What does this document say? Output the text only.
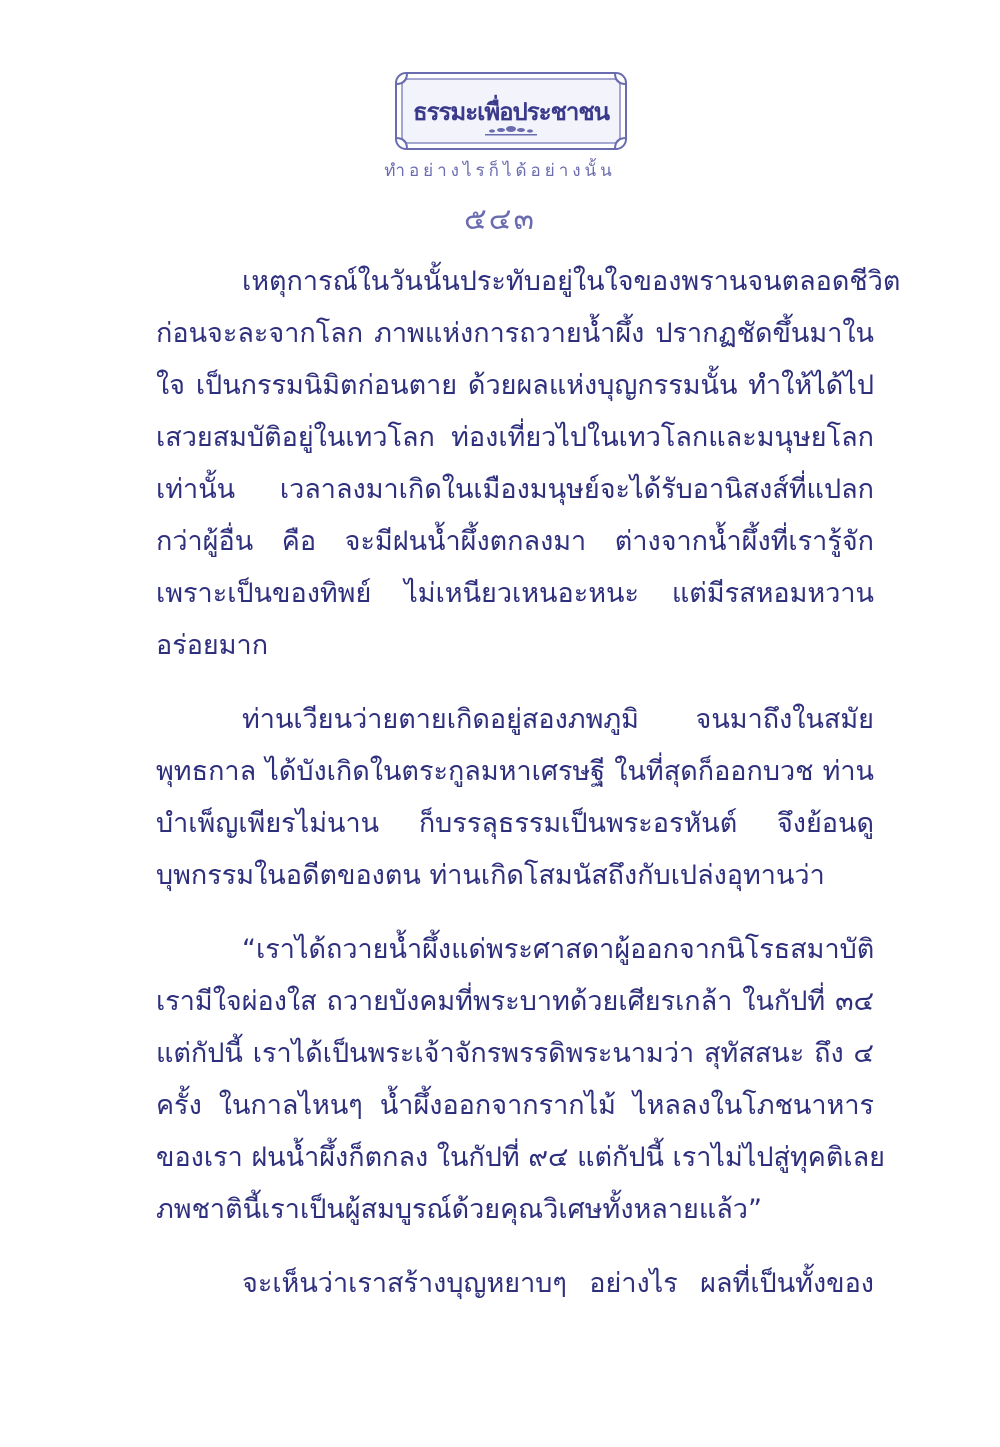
ธรรมะเพื่อประชาชน
ทำอย่างไรก็ได้อย่างนั้น
๕๔๓
เหตุการณ์ในวันนั้นประทับอยู่ในใจของพรานจนตลอดชีวิต
ก่อนจะละจากโลก ภาพแห่งการถวายน้ำผึ้ง ปรากฏชัดขึ้นมาใน
ใจ เป็นกรรมนิมิตก่อนตาย ด้วยผลแห่งบุญกรรมนั้น ทำให้ได้ไป
เสวยสมบัติอยู่ในเทวโลก ท่องเที่ยวไปในเทวโลกและมนุษยโลก
เท่านั้น เวลาลงมาเกิดในเมืองมนุษย์จะได้รับอานิสงส์ที่แปลก
กว่าผู้อื่น คือ จะมีฝนน้ำผึ้งตกลงมา ต่างจากน้ำผึ้งที่เรารู้จัก
เพราะเป็นของทิพย์ ไม่เหนียวเหนอะหนะ แต่มีรสหอมหวาน
อร่อยมาก
ท่านเวียนว่ายตายเกิดอยู่สองภพภูมิ จนมาถึงในสมัย
พุทธกาล ได้บังเกิดในตระกูลมหาเศรษฐี ในที่สุดก็ออกบวช ท่าน
บำเพ็ญเพียรไม่นาน ก็บรรลุธรรมเป็นพระอรหันต์ จึงย้อนดู
บุพกรรมในอดีตของตน ท่านเกิดโสมนัสถึงกับเปล่งอุทานว่า
“เราได้ถวายน้ำผึ้งแด่พระศาสดาผู้ออกจากนิโรธสมาบัติ
เรามีใจผ่องใส ถวายบังคมที่พระบาทด้วยเศียรเกล้า ในกัปที่ ๓๔
แต่กัปนี้ เราได้เป็นพระเจ้าจักรพรรดิพระนามว่า สุทัสสนะ ถึง ๔
ครั้ง ในกาลไหนๆ น้ำผึ้งออกจากรากไม้ ไหลลงในโภชนาหาร
ของเรา ฝนน้ำผึ้งก็ตกลง ในกัปที่ ๙๔ แต่กัปนี้ เราไม่ไปสู่ทุคติเลย
ภพชาตินี้เราเป็นผู้สมบูรณ์ด้วยคุณวิเศษทั้งหลายแล้ว”
จะเห็นว่าเราสร้างบุญหยาบๆ อย่างไร ผลที่เป็นทั้งของ
